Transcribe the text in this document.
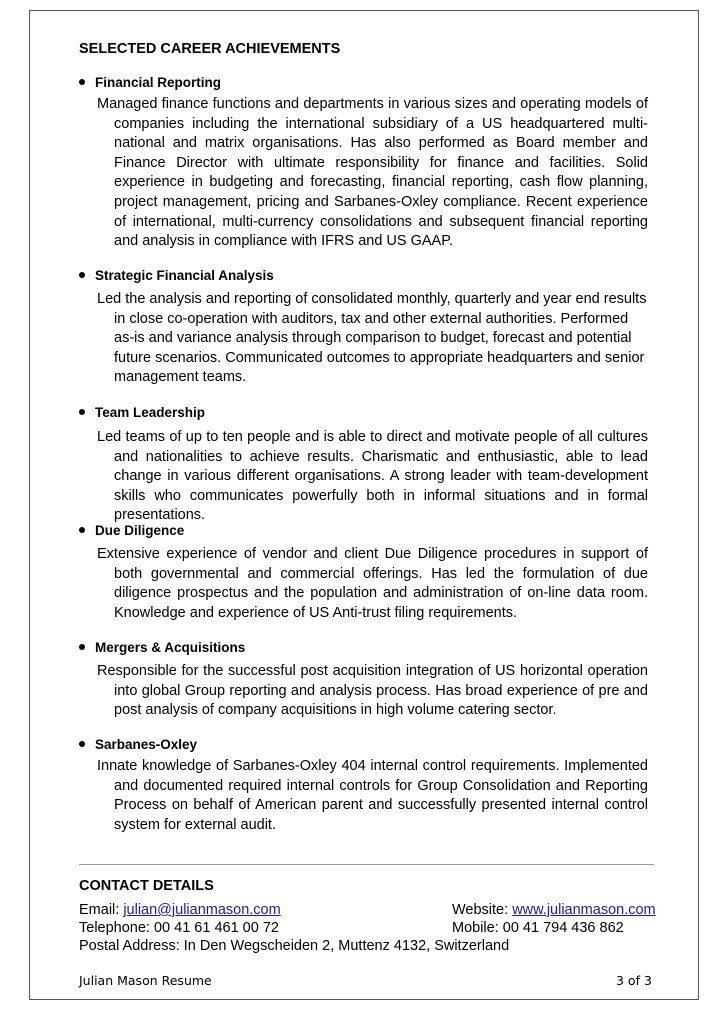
SELECTED CAREER ACHIEVEMENTS
Financial Reporting
Managed finance functions and departments in various sizes and operating models of companies including the international subsidiary of a US headquartered multi-national and matrix organisations. Has also performed as Board member and Finance Director with ultimate responsibility for finance and facilities. Solid experience in budgeting and forecasting, financial reporting, cash flow planning, project management, pricing and Sarbanes-Oxley compliance. Recent experience of international, multi-currency consolidations and subsequent financial reporting and analysis in compliance with IFRS and US GAAP.
Strategic Financial Analysis
Led the analysis and reporting of consolidated monthly, quarterly and year end results in close co-operation with auditors, tax and other external authorities. Performed as-is and variance analysis through comparison to budget, forecast and potential future scenarios. Communicated outcomes to appropriate headquarters and senior management teams.
Team Leadership
Led teams of up to ten people and is able to direct and motivate people of all cultures and nationalities to achieve results. Charismatic and enthusiastic, able to lead change in various different organisations. A strong leader with team-development skills who communicates powerfully both in informal situations and in formal presentations.
Due Diligence
Extensive experience of vendor and client Due Diligence procedures in support of both governmental and commercial offerings. Has led the formulation of due diligence prospectus and the population and administration of on-line data room. Knowledge and experience of US Anti-trust filing requirements.
Mergers & Acquisitions
Responsible for the successful post acquisition integration of US horizontal operation into global Group reporting and analysis process. Has broad experience of pre and post analysis of company acquisitions in high volume catering sector.
Sarbanes-Oxley
Innate knowledge of Sarbanes-Oxley 404 internal control requirements. Implemented and documented required internal controls for Group Consolidation and Reporting Process on behalf of American parent and successfully presented internal control system for external audit.
CONTACT DETAILS
Email: julian@julianmason.com	Website: www.julianmason.com
Telephone: 00 41 61 461 00 72	Mobile: 00 41 794 436 862
Postal Address: In Den Wegscheiden 2, Muttenz 4132, Switzerland
Julian Mason Resume	3 of 3
